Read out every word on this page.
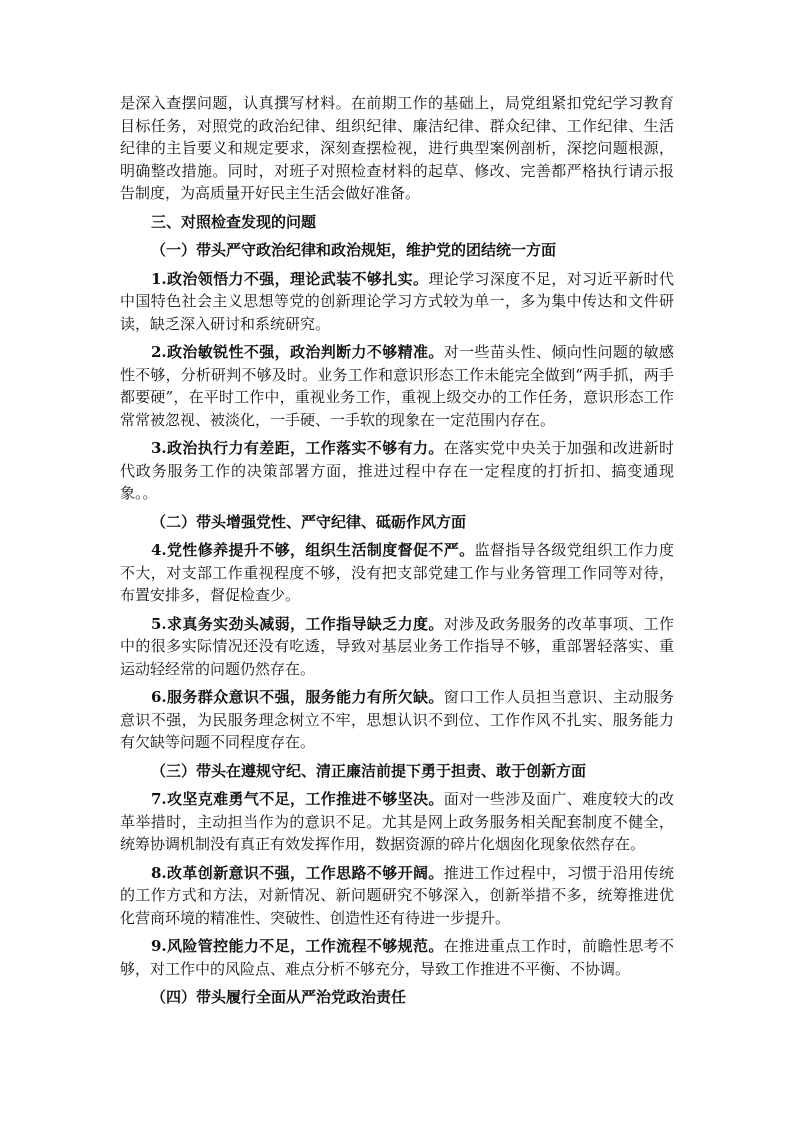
是深入查摆问题，认真撰写材料。在前期工作的基础上，局党组紧扣党纪学习教育目标任务，对照党的政治纪律、组织纪律、廉洁纪律、群众纪律、工作纪律、生活纪律的主旨要义和规定要求，深刻查摆检视，进行典型案例剖析，深挖问题根源，明确整改措施。同时，对班子对照检查材料的起草、修改、完善都严格执行请示报告制度，为高质量开好民主生活会做好准备。

三、对照检查发现的问题

（一）带头严守政治纪律和政治规矩，维护党的团结统一方面

1.政治领悟力不强，理论武装不够扎实。理论学习深度不足，对习近平新时代中国特色社会主义思想等党的创新理论学习方式较为单一，多为集中传达和文件研读，缺乏深入研讨和系统研究。

2.政治敏锐性不强，政治判断力不够精准。对一些苗头性、倾向性问题的敏感性不够，分析研判不够及时。业务工作和意识形态工作未能完全做到“两手抓，两手都要硬”，在平时工作中，重视业务工作，重视上级交办的工作任务，意识形态工作常常被忽视、被淡化，一手硬、一手软的现象在一定范围内存在。

3.政治执行力有差距，工作落实不够有力。在落实党中央关于加强和改进新时代政务服务工作的决策部署方面，推进过程中存在一定程度的打折扣、搞变通现象。。

（二）带头增强党性、严守纪律、砥砺作风方面

4.党性修养提升不够，组织生活制度督促不严。监督指导各级党组织工作力度不大，对支部工作重视程度不够，没有把支部党建工作与业务管理工作同等对待，布置安排多，督促检查少。

5.求真务实劲头减弱，工作指导缺乏力度。对涉及政务服务的改革事项、工作中的很多实际情况还没有吃透，导致对基层业务工作指导不够，重部署轻落实、重运动轻经常的问题仍然存在。

6.服务群众意识不强，服务能力有所欠缺。窗口工作人员担当意识、主动服务意识不强，为民服务理念树立不牢，思想认识不到位、工作作风不扎实、服务能力有欠缺等问题不同程度存在。

（三）带头在遵规守纪、清正廉洁前提下勇于担责、敢于创新方面

7.攻坚克难勇气不足，工作推进不够坚决。面对一些涉及面广、难度较大的改革举措时，主动担当作为的意识不足。尤其是网上政务服务相关配套制度不健全，统筹协调机制没有真正有效发挥作用，数据资源的碎片化烟囱化现象依然存在。

8.改革创新意识不强，工作思路不够开阔。推进工作过程中，习惯于沿用传统的工作方式和方法，对新情况、新问题研究不够深入，创新举措不多，统筹推进优化营商环境的精准性、突破性、创造性还有待进一步提升。

9.风险管控能力不足，工作流程不够规范。在推进重点工作时，前瞻性思考不够，对工作中的风险点、难点分析不够充分，导致工作推进不平衡、不协调。

（四）带头履行全面从严治党政治责任
